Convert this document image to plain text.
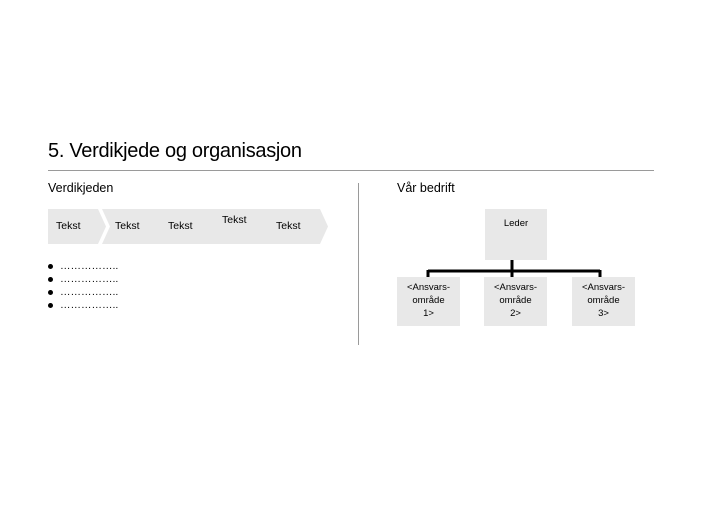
5. Verdikjede og organisasjon
Verdikjeden	Vår bedrift
Tekst	Tekst	Tekst	Tekst	Tekst
……………..
……………..
……………..
……………..
Leder
<Ansvars-
område
1>
<Ansvars-
område
2>
<Ansvars-
område
3>
